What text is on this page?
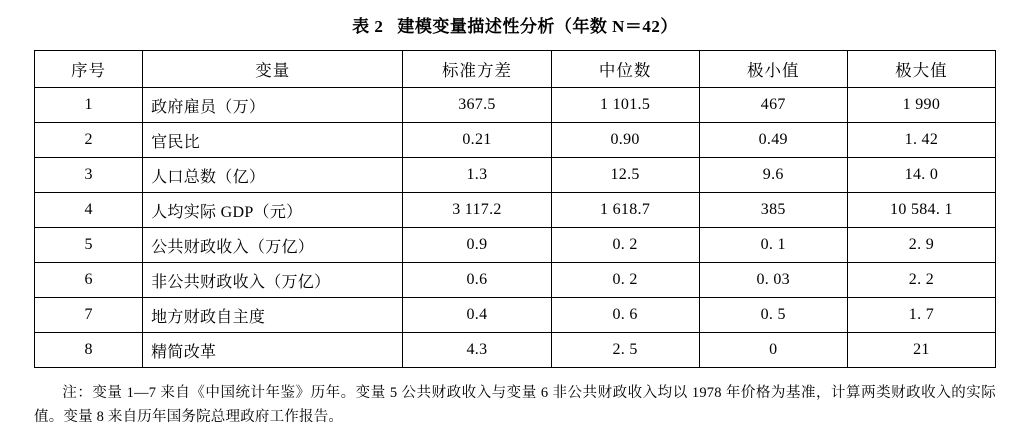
表 2 建模变量描述性分析（年数 N＝42）
序号	变量	标准方差	中位数	极小值	极大值
1	政府雇员（万）	367.5	1 101.5	467	1 990
2	官民比	0.21	0.90	0.49	1. 42
3	人口总数（亿）	1.3	12.5	9.6	14. 0
4	人均实际 GDP（元）	3 117.2	1 618.7	385	10 584. 1
5	公共财政收入（万亿）	0.9	0. 2	0. 1	2. 9
6	非公共财政收入（万亿）	0.6	0. 2	0. 03	2. 2
7	地方财政自主度	0.4	0. 6	0. 5	1. 7
8	精简改革	4.3	2. 5	0	21
注：变量 1—7 来自《中国统计年鉴》历年。变量 5 公共财政收入与变量 6 非公共财政收入均以 1978 年价格为基准，计算两类财政收入的实际值。变量 8 来自历年国务院总理政府工作报告。
